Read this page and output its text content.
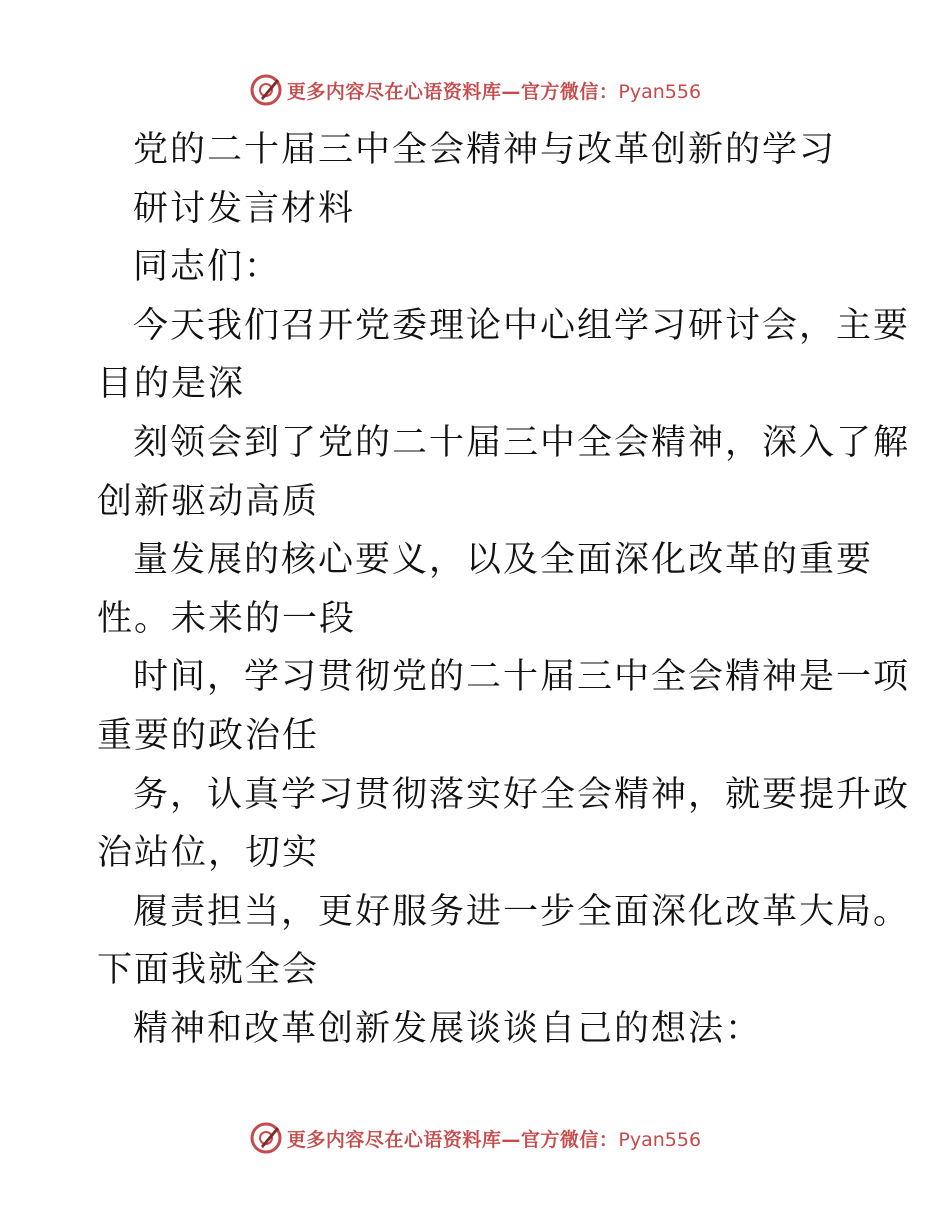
更多内容尽在心语资料库—官方微信：Pyan556
党的二十届三中全会精神与改革创新的学习
研讨发言材料
同志们：
今天我们召开党委理论中心组学习研讨会，主要
目的是深
刻领会到了党的二十届三中全会精神，深入了解
创新驱动高质
量发展的核心要义，以及全面深化改革的重要
性。未来的一段
时间，学习贯彻党的二十届三中全会精神是一项
重要的政治任
务，认真学习贯彻落实好全会精神，就要提升政
治站位，切实
履责担当，更好服务进一步全面深化改革大局。
下面我就全会
精神和改革创新发展谈谈自己的想法：
更多内容尽在心语资料库—官方微信：Pyan556
